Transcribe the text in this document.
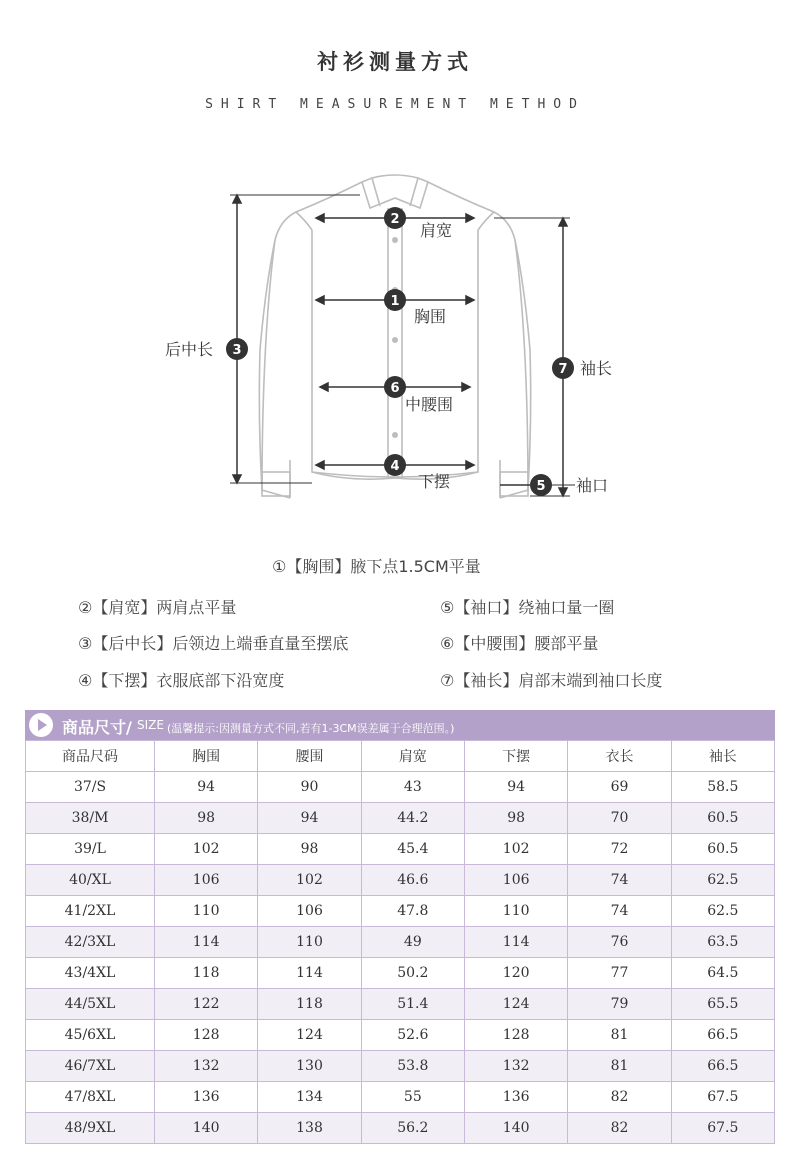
衬衫测量方式
SHIRT MEASUREMENT METHOD
2
肩宽
1
胸围
6
中腰围
4
下摆
后中长 3
7 袖长
5 袖口
①【胸围】腋下点1.5CM平量
②【肩宽】两肩点平量	⑤【袖口】绕袖口量一圈
③【后中长】后领边上端垂直量至摆底	⑥【中腰围】腰部平量
④【下摆】衣服底部下沿宽度	⑦【袖长】肩部末端到袖口长度
商品尺寸/ SIZE (温馨提示:因测量方式不同,若有1-3CM误差属于合理范围。)
商品尺码	胸围	腰围	肩宽	下摆	衣长	袖长
37/S	94	90	43	94	69	58.5
38/M	98	94	44.2	98	70	60.5
39/L	102	98	45.4	102	72	60.5
40/XL	106	102	46.6	106	74	62.5
41/2XL	110	106	47.8	110	74	62.5
42/3XL	114	110	49	114	76	63.5
43/4XL	118	114	50.2	120	77	64.5
44/5XL	122	118	51.4	124	79	65.5
45/6XL	128	124	52.6	128	81	66.5
46/7XL	132	130	53.8	132	81	66.5
47/8XL	136	134	55	136	82	67.5
48/9XL	140	138	56.2	140	82	67.5
